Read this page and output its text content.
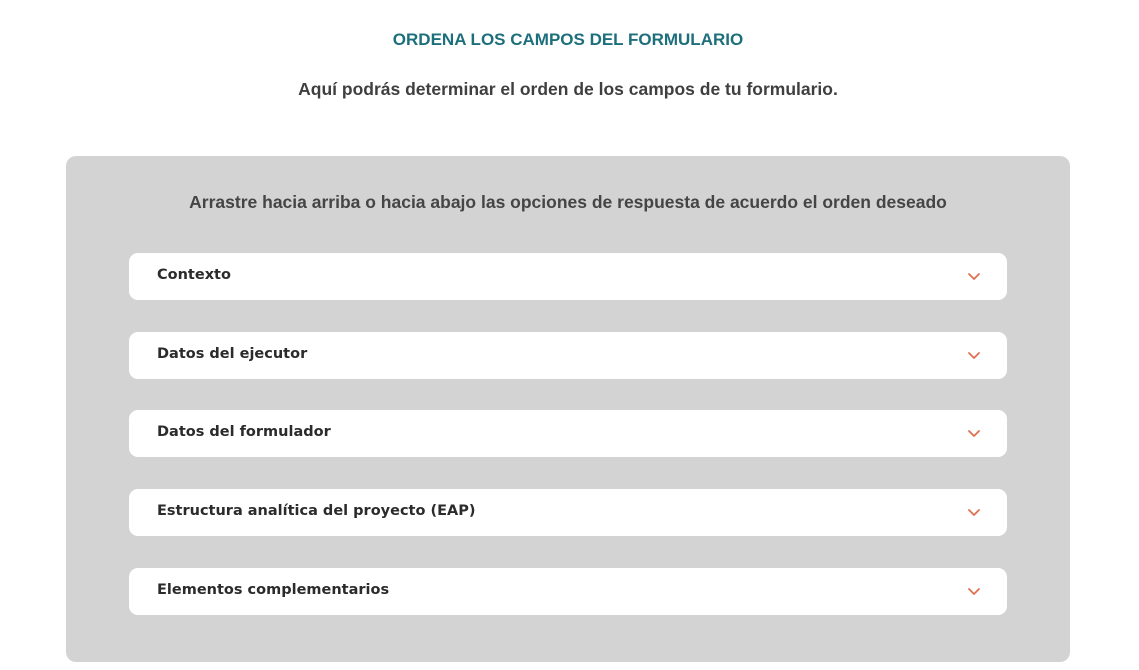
ORDENA LOS CAMPOS DEL FORMULARIO
Aquí podrás determinar el orden de los campos de tu formulario.
Arrastre hacia arriba o hacia abajo las opciones de respuesta de acuerdo el orden deseado
Contexto
Datos del ejecutor
Datos del formulador
Estructura analítica del proyecto (EAP)
Elementos complementarios
